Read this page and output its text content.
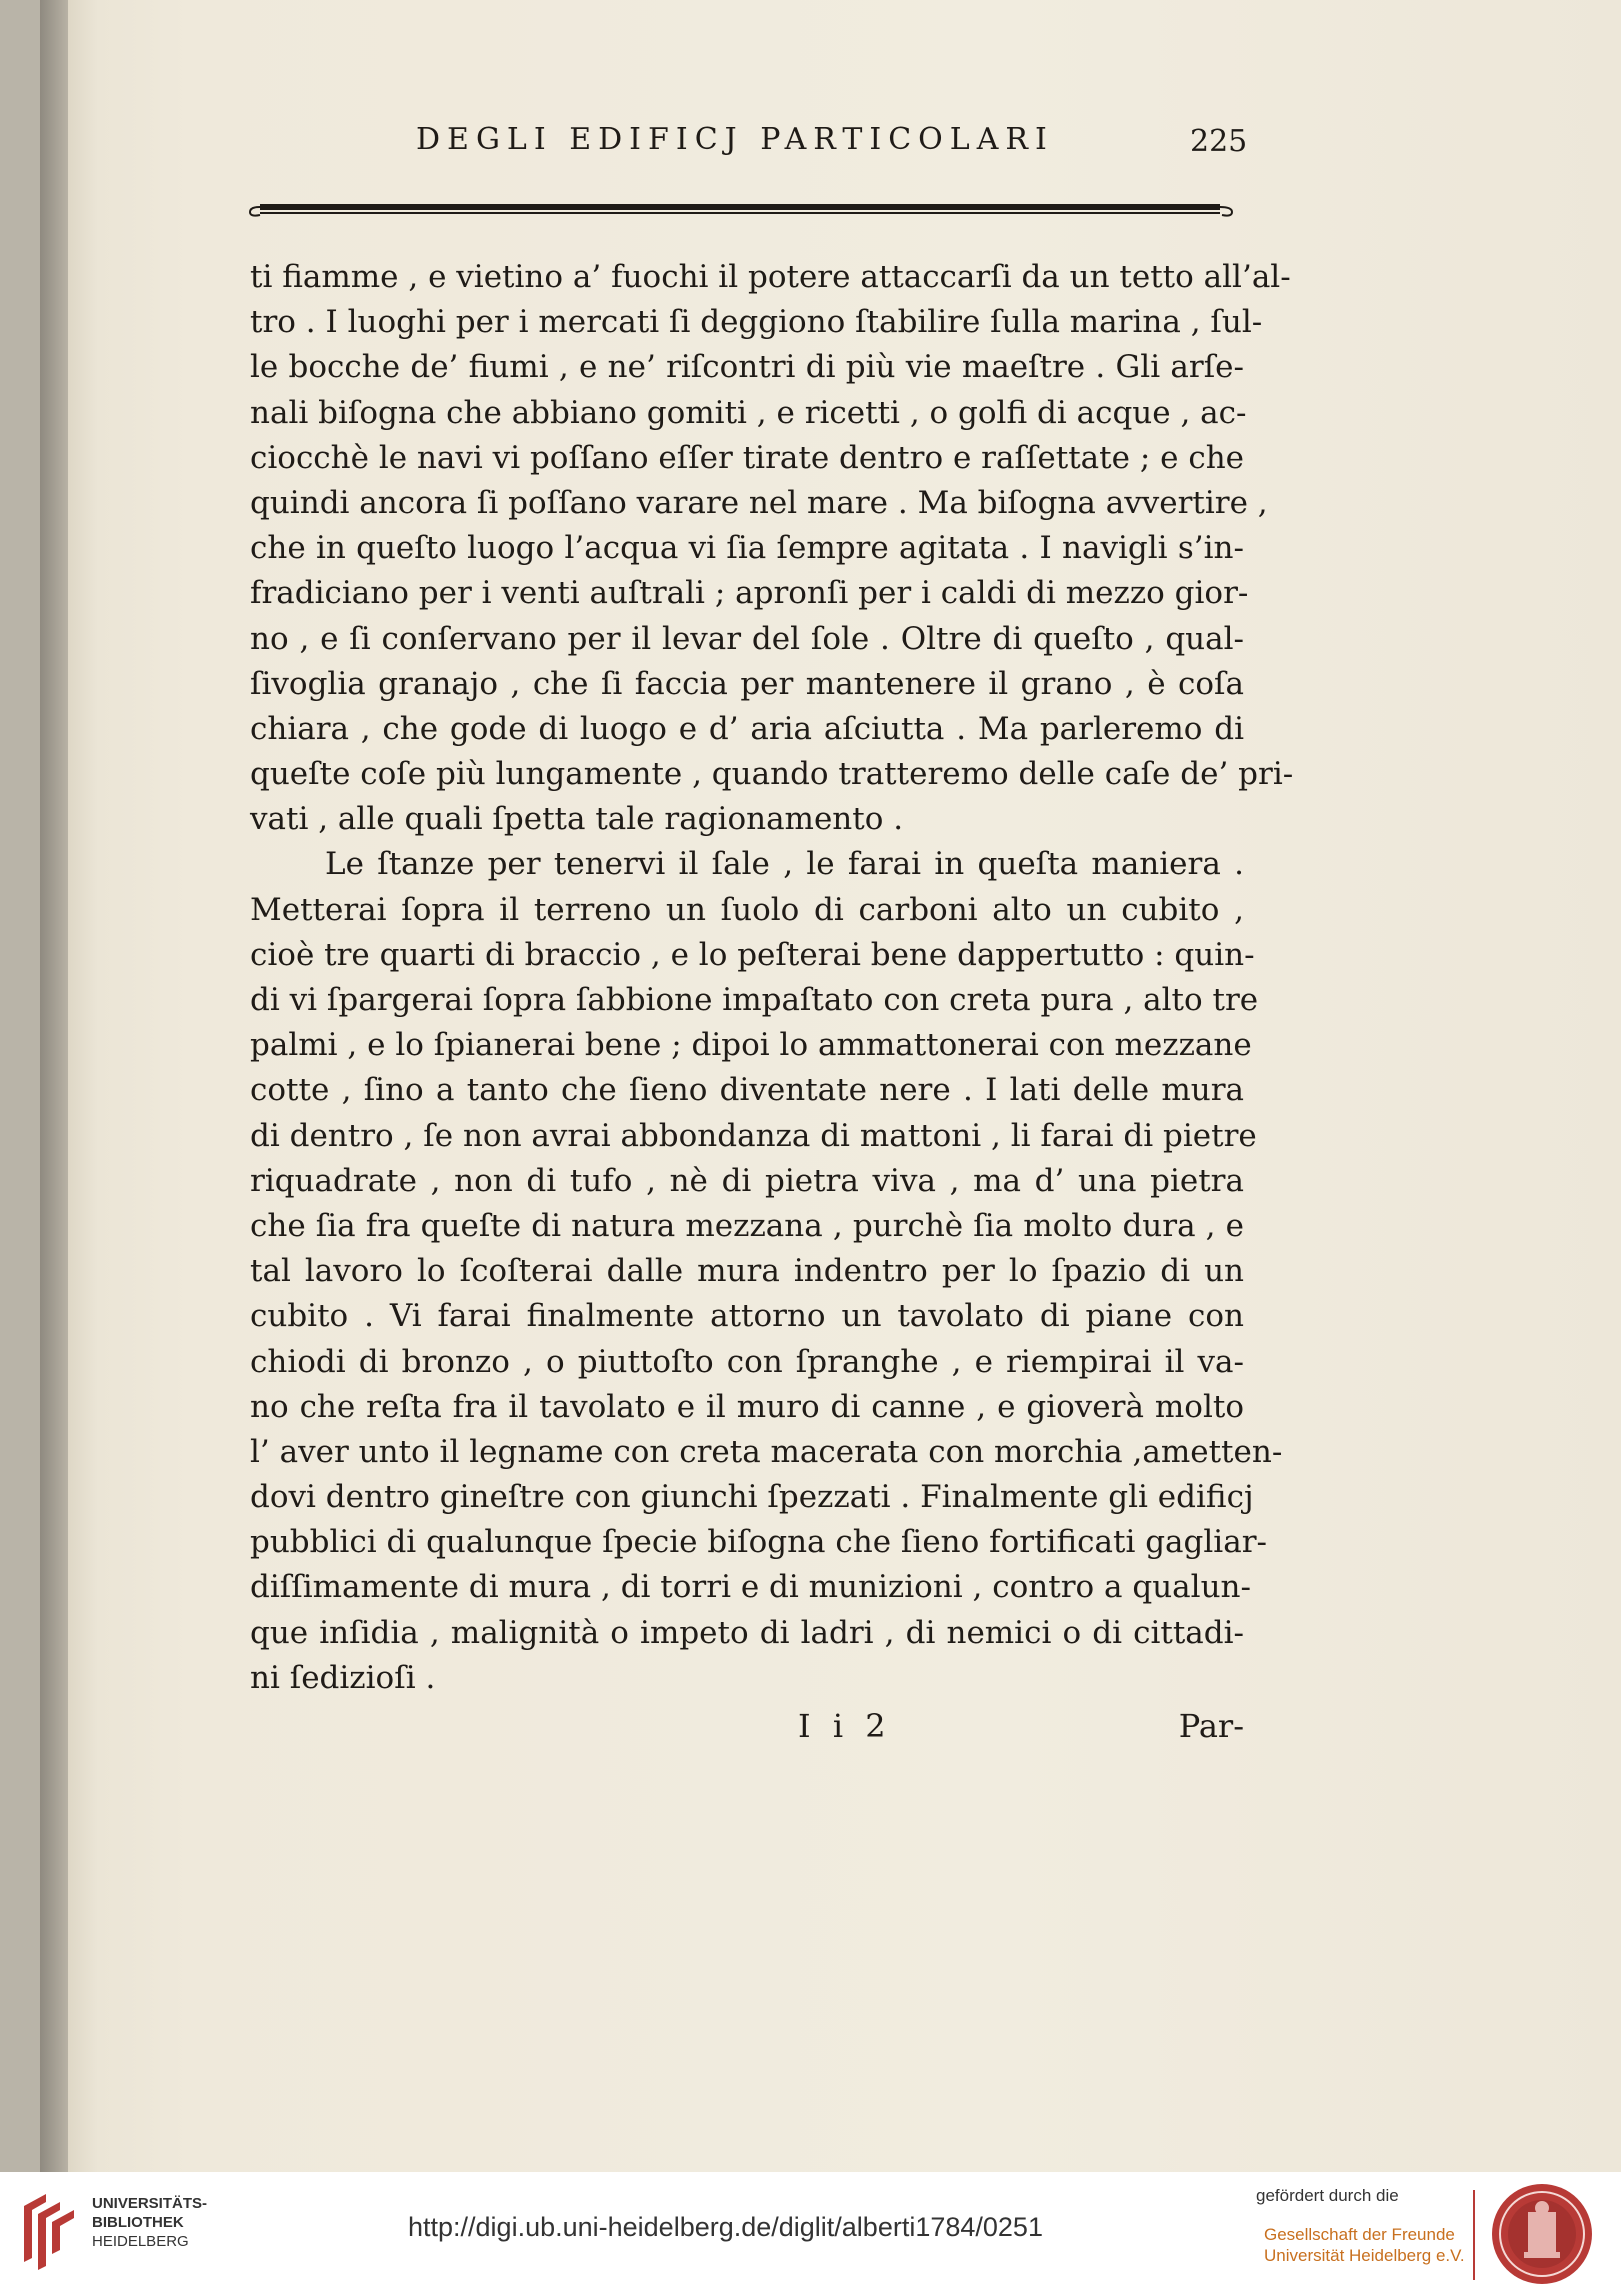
DEGLI EDIFICJ PARTICOLARI	225
ti fiamme , e vietino a’ fuochi il potere attaccarſi da un tetto all’al-
tro . I luoghi per i mercati ſi deggiono ſtabilire ſulla marina , ſul-
le bocche de’ fiumi , e ne’ riſcontri di più vie maeſtre . Gli arſe-
nali biſogna che abbiano gomiti , e ricetti , o golfi di acque , ac-
ciocchè le navi vi poſſano eſſer tirate dentro e raſſettate ; e che
quindi ancora ſi poſſano varare nel mare . Ma biſogna avvertire ,
che in queſto luogo l’acqua vi ſia ſempre agitata . I navigli s’in-
fradiciano per i venti auſtrali ; apronſi per i caldi di mezzo gior-
no , e ſi conſervano per il levar del ſole . Oltre di queſto , qual-
ſivoglia granajo , che ſi faccia per mantenere il grano , è coſa
chiara , che gode di luogo e d’ aria aſciutta . Ma parleremo di
queſte coſe più lungamente , quando tratteremo delle caſe de’ pri-
vati , alle quali ſpetta tale ragionamento .
Le ſtanze per tenervi il ſale , le farai in queſta maniera .
Metterai ſopra il terreno un ſuolo di carboni alto un cubito ,
cioè tre quarti di braccio , e lo peſterai bene dappertutto : quin-
di vi ſpargerai ſopra ſabbione impaſtato con creta pura , alto tre
palmi , e lo ſpianerai bene ; dipoi lo ammattonerai con mezzane
cotte , ſino a tanto che ſieno diventate nere . I lati delle mura
di dentro , ſe non avrai abbondanza di mattoni , li farai di pietre
riquadrate , non di tufo , nè di pietra viva , ma d’ una pietra
che ſia fra queſte di natura mezzana , purchè ſia molto dura , e
tal lavoro lo ſcoſterai dalle mura indentro per lo ſpazio di un
cubito . Vi farai finalmente attorno un tavolato di piane con
chiodi di bronzo , o piuttoſto con ſpranghe , e riempirai il va-
no che reſta fra il tavolato e il muro di canne , e gioverà molto
l’ aver unto il legname con creta macerata con morchia ,ametten-
dovi dentro gineſtre con giunchi ſpezzati . Finalmente gli edificj
pubblici di qualunque ſpecie biſogna che ſieno fortificati gagliar-
diſſimamente di mura , di torri e di munizioni , contro a qualun-
que inſidia , malignità o impeto di ladri , di nemici o di cittadi-
ni ſedizioſi .
I i 2	Par-
UNIVERSITÄTS-
BIBLIOTHEK
HEIDELBERG	http://digi.ub.uni-heidelberg.de/diglit/alberti1784/0251
gefördert durch die
Gesellschaft der Freunde
Universität Heidelberg e.V.
